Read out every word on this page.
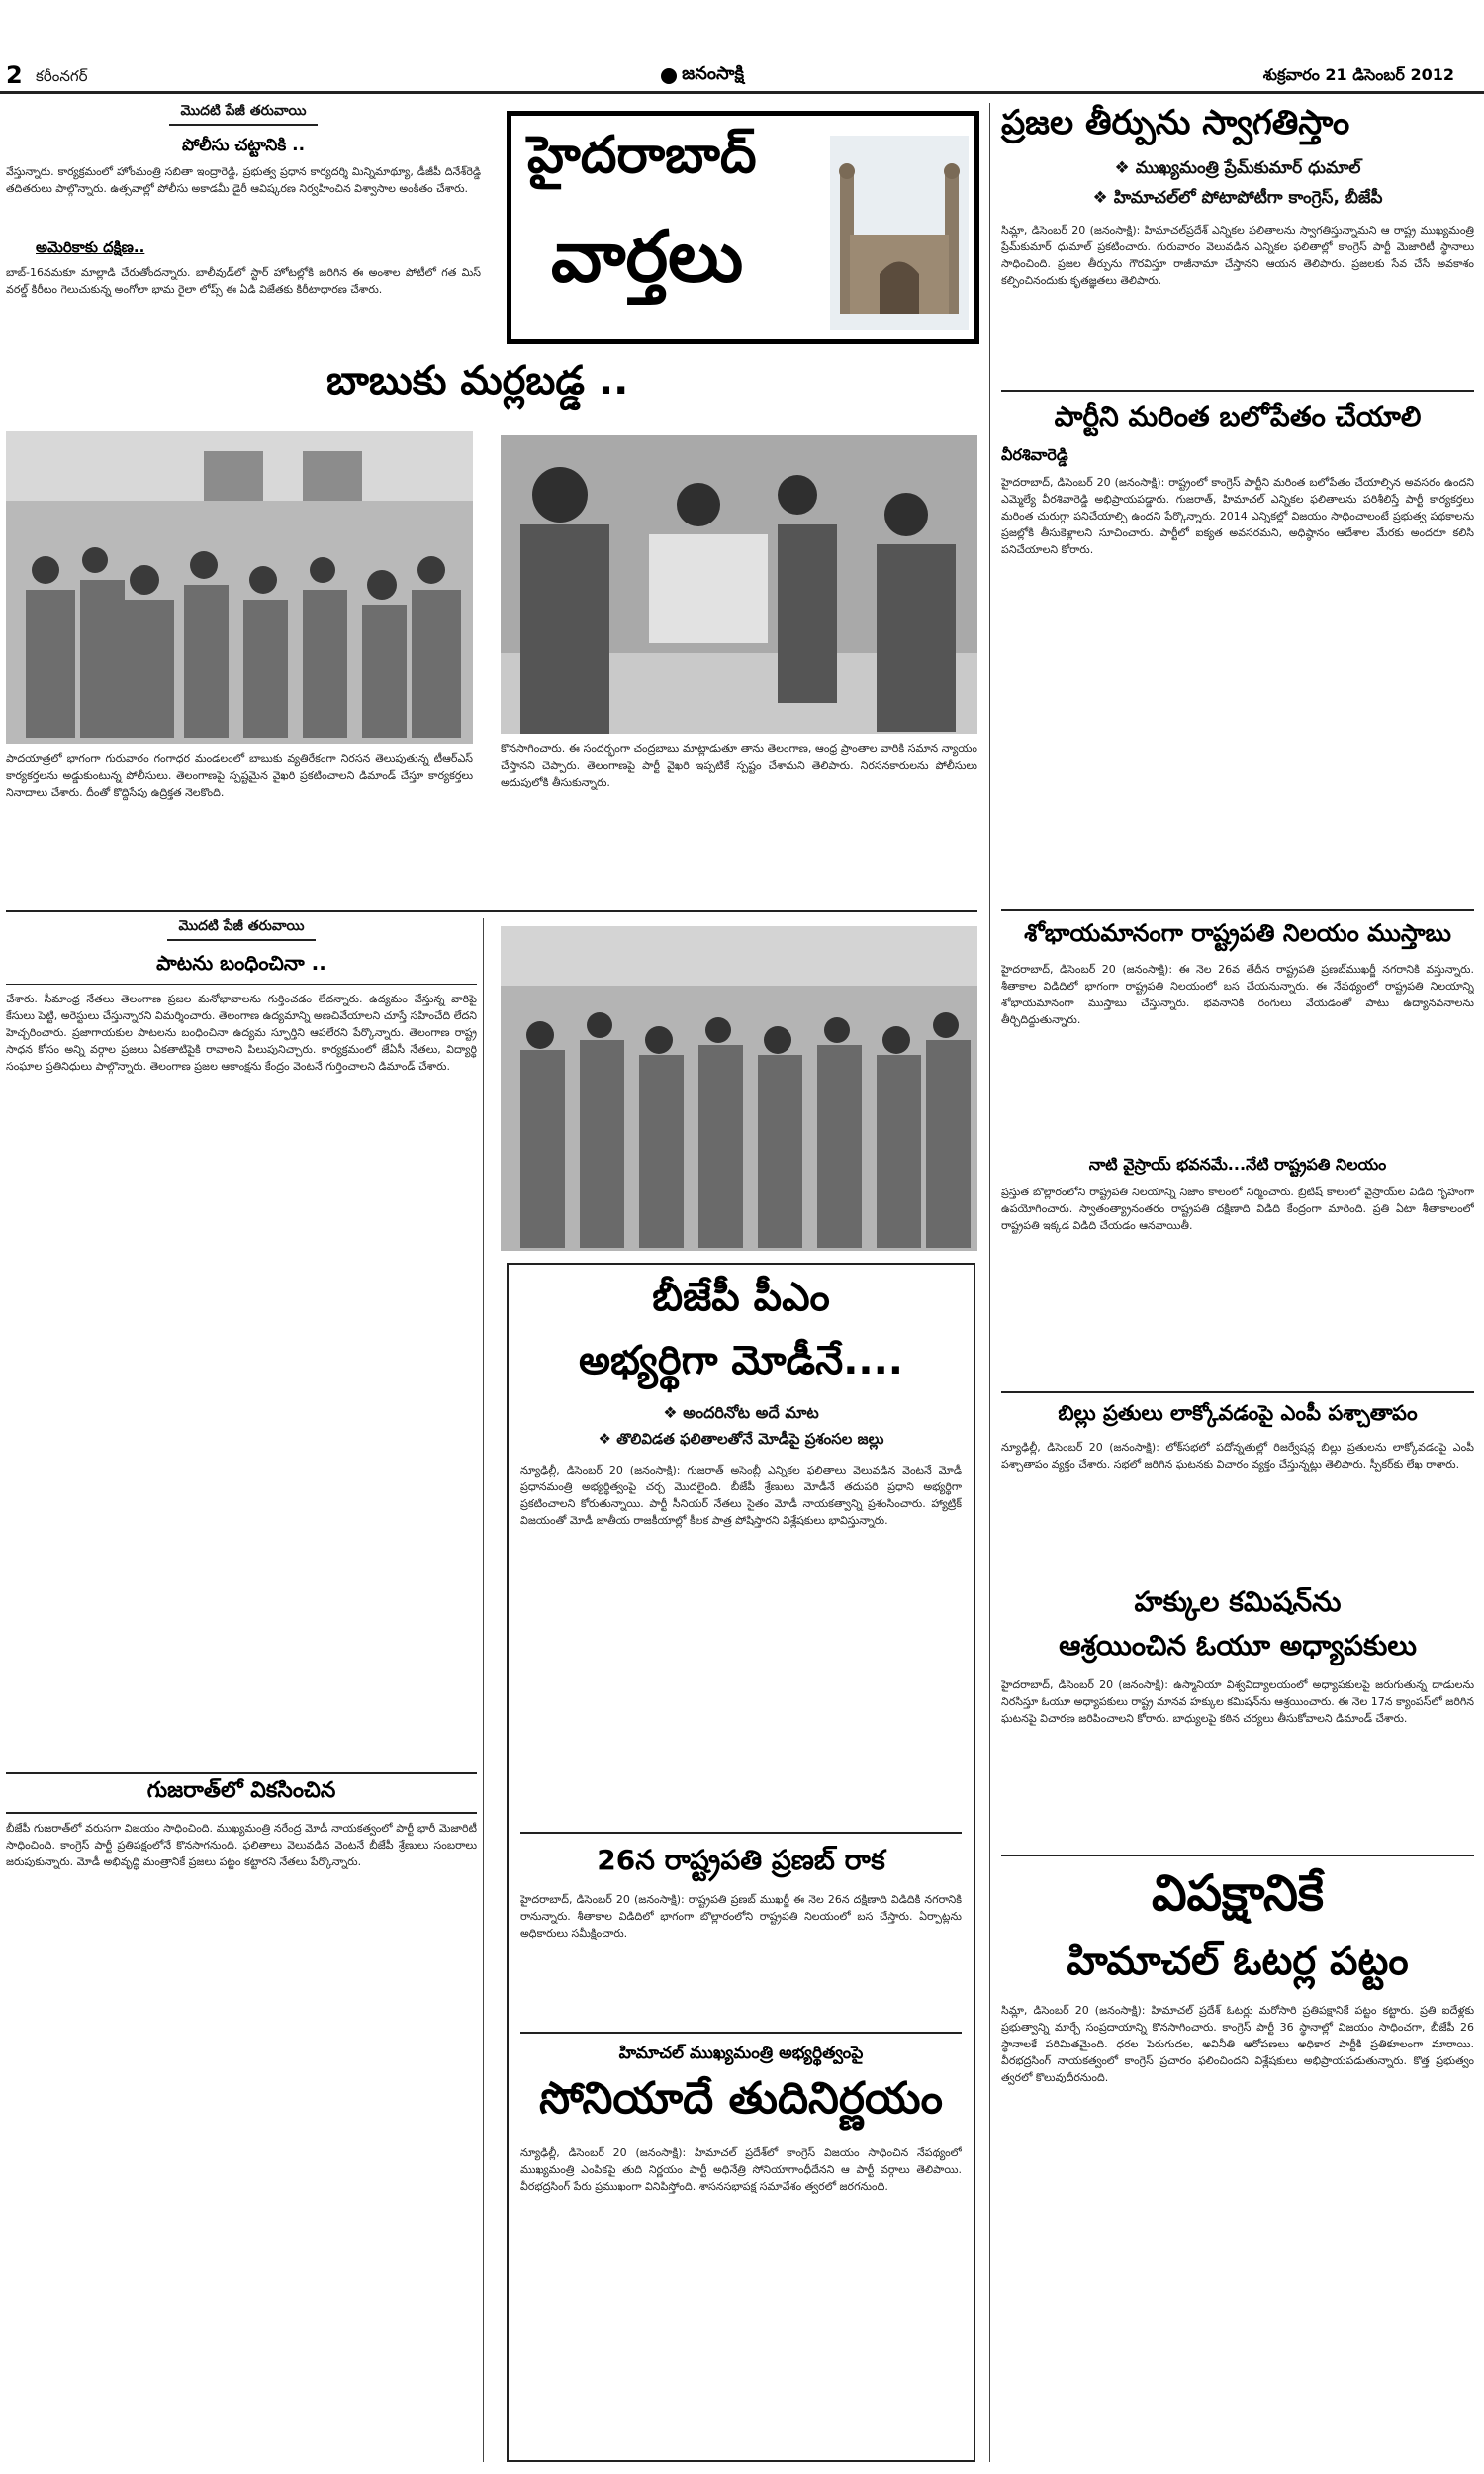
2 కరీంనగర్	జనంసాక్షి	శుక్రవారం 21 డిసెంబర్ 2012
మొదటి పేజీ తరువాయి
పోలీసు చట్టానికి ..
వేస్తున్నారు. కార్యక్రమంలో హోంమంత్రి సబితా ఇంద్రారెడ్డి, ప్రభుత్వ ప్రధాన కార్యదర్శి మిన్నిమాథ్యూ, డీజీపీ దినేశ్‌రెడ్డి తదితరులు పాల్గొన్నారు. ఉత్సవాల్లో పోలీసు అకాడమీ డైరీ ఆవిష్కరణ నిర్వహించిన విశ్వాసాల అంకితం చేశారు.
అమెరికాకు దక్షిణ..
బాబ్-16నమకూ మాల్లాడి చేరుతోందన్నారు. బాలీవుడ్‌లో స్టార్ హోటల్లోకి జరిగిన ఈ అంశాల పోటీలో గత మిస్ వరల్డ్ కిరీటం గెలుచుకున్న అంగోలా భామ రైలా లోప్స్ ఈ ఏడి విజేతకు కిరీటాధారణ చేశారు.
హైదరాబాద్
వార్తలు
బాబుకు మర్లబడ్డ ..
పాదయాత్రలో భాగంగా గురువారం గంగాధర మండలంలో బాబుకు వ్యతిరేకంగా నిరసన తెలుపుతున్న టీఆర్ఎస్ కార్యకర్తలను అడ్డుకుంటున్న పోలీసులు. తెలంగాణపై స్పష్టమైన వైఖరి ప్రకటించాలని డిమాండ్ చేస్తూ కార్యకర్తలు నినాదాలు చేశారు. దీంతో కొద్దిసేపు ఉద్రిక్తత నెలకొంది.
కొనసాగించారు. ఈ సందర్భంగా చంద్రబాబు మాట్లాడుతూ తాను తెలంగాణ, ఆంధ్ర ప్రాంతాల వారికి సమాన న్యాయం చేస్తానని చెప్పారు. తెలంగాణపై పార్టీ వైఖరి ఇప్పటికే స్పష్టం చేశామని తెలిపారు. నిరసనకారులను పోలీసులు అదుపులోకి తీసుకున్నారు.
మొదటి పేజీ తరువాయి
పాటను బంధించినా ..
చేశారు. సీమాంధ్ర నేతలు తెలంగాణ ప్రజల మనోభావాలను గుర్తించడం లేదన్నారు. ఉద్యమం చేస్తున్న వారిపై కేసులు పెట్టి, అరెస్టులు చేస్తున్నారని విమర్శించారు. తెలంగాణ ఉద్యమాన్ని అణచివేయాలని చూస్తే సహించేది లేదని హెచ్చరించారు. ప్రజాగాయకుల పాటలను బంధించినా ఉద్యమ స్ఫూర్తిని ఆపలేరని పేర్కొన్నారు. తెలంగాణ రాష్ట్ర సాధన కోసం అన్ని వర్గాల ప్రజలు ఏకతాటిపైకి రావాలని పిలుపునిచ్చారు. కార్యక్రమంలో జేఏసీ నేతలు, విద్యార్థి సంఘాల ప్రతినిధులు పాల్గొన్నారు. తెలంగాణ ప్రజల ఆకాంక్షను కేంద్రం వెంటనే గుర్తించాలని డిమాండ్ చేశారు.
గుజరాత్‌లో వికసించిన
బీజేపీ గుజరాత్‌లో వరుసగా విజయం సాధించింది. ముఖ్యమంత్రి నరేంద్ర మోడీ నాయకత్వంలో పార్టీ భారీ మెజారిటీ సాధించింది. కాంగ్రెస్ పార్టీ ప్రతిపక్షంలోనే కొనసాగనుంది. ఫలితాలు వెలువడిన వెంటనే బీజేపీ శ్రేణులు సంబరాలు జరుపుకున్నారు. మోడీ అభివృద్ధి మంత్రానికే ప్రజలు పట్టం కట్టారని నేతలు పేర్కొన్నారు.
బీజేపీ పీఎం
అభ్యర్థిగా మోడీనే....
❖ అందరినోట అదే మాట
❖ తొలివిడత ఫలితాలతోనే మోడీపై ప్రశంసల జల్లు
న్యూఢిల్లీ, డిసెంబర్ 20 (జనంసాక్షి): గుజరాత్ అసెంబ్లీ ఎన్నికల ఫలితాలు వెలువడిన వెంటనే మోడీ ప్రధానమంత్రి అభ్యర్థిత్వంపై చర్చ మొదలైంది. బీజేపీ శ్రేణులు మోడీనే తదుపరి ప్రధాని అభ్యర్థిగా ప్రకటించాలని కోరుతున్నాయి. పార్టీ సీనియర్ నేతలు సైతం మోడీ నాయకత్వాన్ని ప్రశంసించారు. హ్యాట్రిక్ విజయంతో మోడీ జాతీయ రాజకీయాల్లో కీలక పాత్ర పోషిస్తారని విశ్లేషకులు భావిస్తున్నారు.
26న రాష్ట్రపతి ప్రణబ్ రాక
హైదరాబాద్, డిసెంబర్ 20 (జనంసాక్షి): రాష్ట్రపతి ప్రణబ్ ముఖర్జీ ఈ నెల 26న దక్షిణాది విడిదికి నగరానికి రానున్నారు. శీతాకాల విడిదిలో భాగంగా బొల్లారంలోని రాష్ట్రపతి నిలయంలో బస చేస్తారు. ఏర్పాట్లను అధికారులు సమీక్షించారు.
హిమాచల్ ముఖ్యమంత్రి అభ్యర్థిత్వంపై
సోనియాదే తుదినిర్ణయం
న్యూఢిల్లీ, డిసెంబర్ 20 (జనంసాక్షి): హిమాచల్ ప్రదేశ్‌లో కాంగ్రెస్ విజయం సాధించిన నేపథ్యంలో ముఖ్యమంత్రి ఎంపికపై తుది నిర్ణయం పార్టీ అధినేత్రి సోనియాగాంధీదేనని ఆ పార్టీ వర్గాలు తెలిపాయి. వీరభద్రసింగ్ పేరు ప్రముఖంగా వినిపిస్తోంది. శాసనసభాపక్ష సమావేశం త్వరలో జరగనుంది.
ప్రజల తీర్పును స్వాగతిస్తాం
❖ ముఖ్యమంత్రి ప్రేమ్‌కుమార్ ధుమాల్
❖ హిమాచల్‌లో పోటాపోటీగా కాంగ్రెస్, బీజేపీ
సిమ్లా, డిసెంబర్ 20 (జనంసాక్షి): హిమాచల్‌ప్రదేశ్ ఎన్నికల ఫలితాలను స్వాగతిస్తున్నామని ఆ రాష్ట్ర ముఖ్యమంత్రి ప్రేమ్‌కుమార్ ధుమాల్ ప్రకటించారు. గురువారం వెలువడిన ఎన్నికల ఫలితాల్లో కాంగ్రెస్ పార్టీ మెజారిటీ స్థానాలు సాధించింది. ప్రజల తీర్పును గౌరవిస్తూ రాజీనామా చేస్తానని ఆయన తెలిపారు. ప్రజలకు సేవ చేసే అవకాశం కల్పించినందుకు కృతజ్ఞతలు తెలిపారు.
పార్టీని మరింత బలోపేతం చేయాలి
వీరశివారెడ్డి
హైదరాబాద్, డిసెంబర్ 20 (జనంసాక్షి): రాష్ట్రంలో కాంగ్రెస్ పార్టీని మరింత బలోపేతం చేయాల్సిన అవసరం ఉందని ఎమ్మెల్యే వీరశివారెడ్డి అభిప్రాయపడ్డారు. గుజరాత్, హిమాచల్ ఎన్నికల ఫలితాలను పరిశీలిస్తే పార్టీ కార్యకర్తలు మరింత చురుగ్గా పనిచేయాల్సి ఉందని పేర్కొన్నారు. 2014 ఎన్నికల్లో విజయం సాధించాలంటే ప్రభుత్వ పథకాలను ప్రజల్లోకి తీసుకెళ్లాలని సూచించారు. పార్టీలో ఐక్యత అవసరమని, అధిష్ఠానం ఆదేశాల మేరకు అందరూ కలిసి పనిచేయాలని కోరారు.
శోభాయమానంగా రాష్ట్రపతి నిలయం ముస్తాబు
హైదరాబాద్, డిసెంబర్ 20 (జనంసాక్షి): ఈ నెల 26వ తేదీన రాష్ట్రపతి ప్రణబ్‌ముఖర్జీ నగరానికి వస్తున్నారు. శీతాకాల విడిదిలో భాగంగా రాష్ట్రపతి నిలయంలో బస చేయనున్నారు. ఈ నేపథ్యంలో రాష్ట్రపతి నిలయాన్ని శోభాయమానంగా ముస్తాబు చేస్తున్నారు. భవనానికి రంగులు వేయడంతో పాటు ఉద్యానవనాలను తీర్చిదిద్దుతున్నారు.
నాటి వైస్రాయ్ భవనమే...నేటి రాష్ట్రపతి నిలయం
ప్రస్తుత బొల్లారంలోని రాష్ట్రపతి నిలయాన్ని నిజాం కాలంలో నిర్మించారు. బ్రిటిష్ కాలంలో వైస్రాయ్‌ల విడిది గృహంగా ఉపయోగించారు. స్వాతంత్య్రానంతరం రాష్ట్రపతి దక్షిణాది విడిది కేంద్రంగా మారింది. ప్రతి ఏటా శీతాకాలంలో రాష్ట్రపతి ఇక్కడ విడిది చేయడం ఆనవాయితీ.
బిల్లు ప్రతులు లాక్కోవడంపై ఎంపీ పశ్చాతాపం
న్యూఢిల్లీ, డిసెంబర్ 20 (జనంసాక్షి): లోక్‌సభలో పదోన్నతుల్లో రిజర్వేషన్ల బిల్లు ప్రతులను లాక్కోవడంపై ఎంపీ పశ్చాతాపం వ్యక్తం చేశారు. సభలో జరిగిన ఘటనకు విచారం వ్యక్తం చేస్తున్నట్లు తెలిపారు. స్పీకర్‌కు లేఖ రాశారు.
హక్కుల కమిషన్‌ను
ఆశ్రయించిన ఓయూ అధ్యాపకులు
హైదరాబాద్, డిసెంబర్ 20 (జనంసాక్షి): ఉస్మానియా విశ్వవిద్యాలయంలో అధ్యాపకులపై జరుగుతున్న దాడులను నిరసిస్తూ ఓయూ అధ్యాపకులు రాష్ట్ర మానవ హక్కుల కమిషన్‌ను ఆశ్రయించారు. ఈ నెల 17న క్యాంపస్‌లో జరిగిన ఘటనపై విచారణ జరిపించాలని కోరారు. బాధ్యులపై కఠిన చర్యలు తీసుకోవాలని డిమాండ్ చేశారు.
విపక్షానికే
హిమాచల్ ఓటర్ల పట్టం
సిమ్లా, డిసెంబర్ 20 (జనంసాక్షి): హిమాచల్ ప్రదేశ్ ఓటర్లు మరోసారి ప్రతిపక్షానికే పట్టం కట్టారు. ప్రతి ఐదేళ్లకు ప్రభుత్వాన్ని మార్చే సంప్రదాయాన్ని కొనసాగించారు. కాంగ్రెస్ పార్టీ 36 స్థానాల్లో విజయం సాధించగా, బీజేపీ 26 స్థానాలకే పరిమితమైంది. ధరల పెరుగుదల, అవినీతి ఆరోపణలు అధికార పార్టీకి ప్రతికూలంగా మారాయి. వీరభద్రసింగ్ నాయకత్వంలో కాంగ్రెస్ ప్రచారం ఫలించిందని విశ్లేషకులు అభిప్రాయపడుతున్నారు. కొత్త ప్రభుత్వం త్వరలో కొలువుదీరనుంది.
